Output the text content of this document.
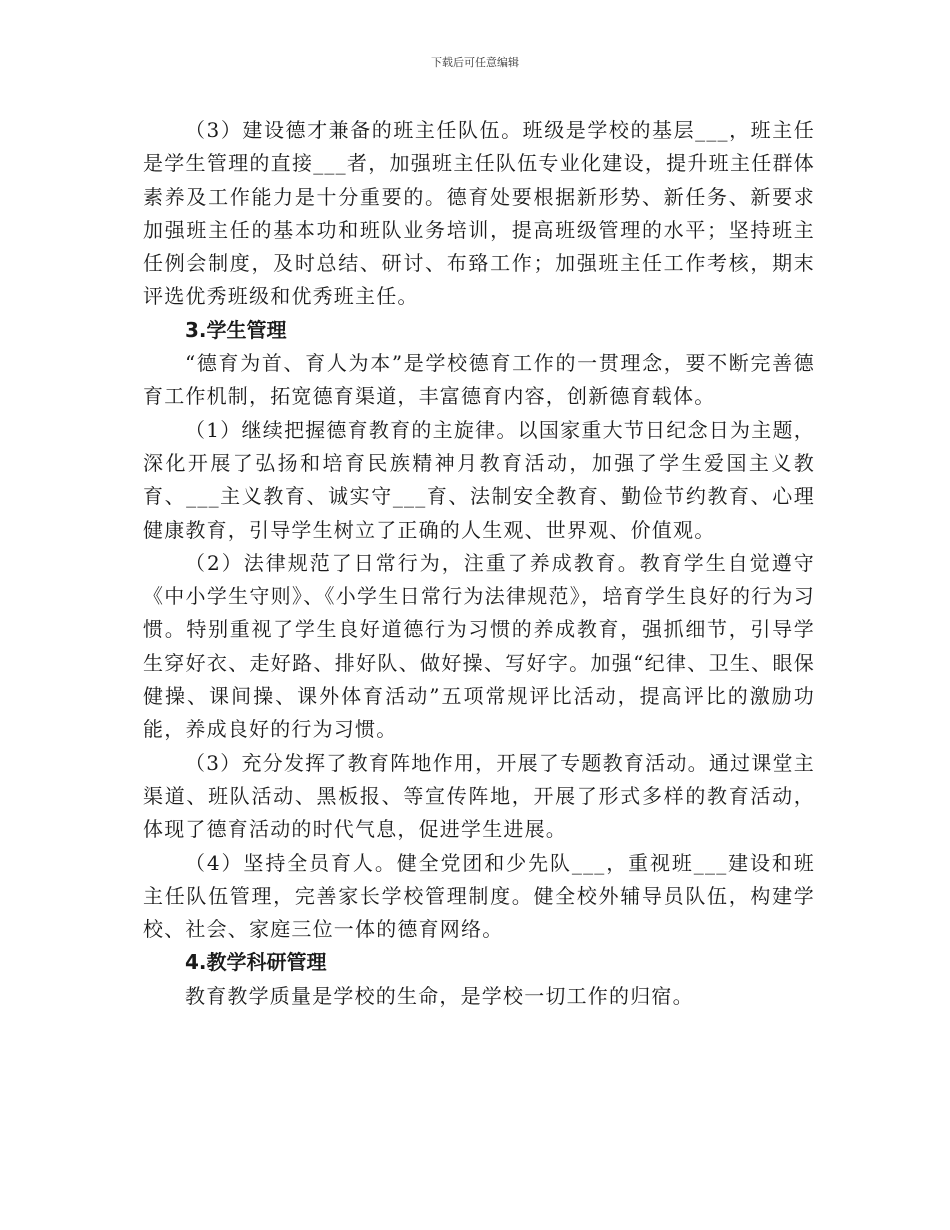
下载后可任意编辑

（3）建设德才兼备的班主任队伍。班级是学校的基层___，班主任是学生管理的直接___者，加强班主任队伍专业化建设，提升班主任群体素养及工作能力是十分重要的。德育处要根据新形势、新任务、新要求加强班主任的基本功和班队业务培训，提高班级管理的水平；坚持班主任例会制度，及时总结、研讨、布臵工作；加强班主任工作考核，期末评选优秀班级和优秀班主任。

3.学生管理

“德育为首、育人为本”是学校德育工作的一贯理念，要不断完善德育工作机制，拓宽德育渠道，丰富德育内容，创新德育载体。

（1）继续把握德育教育的主旋律。以国家重大节日纪念日为主题，深化开展了弘扬和培育民族精神月教育活动，加强了学生爱国主义教育、___主义教育、诚实守___育、法制安全教育、勤俭节约教育、心理健康教育，引导学生树立了正确的人生观、世界观、价值观。

（2）法律规范了日常行为，注重了养成教育。教育学生自觉遵守《中小学生守则》、《小学生日常行为法律规范》，培育学生良好的行为习惯。特别重视了学生良好道德行为习惯的养成教育，强抓细节，引导学生穿好衣、走好路、排好队、做好操、写好字。加强“纪律、卫生、眼保健操、课间操、课外体育活动”五项常规评比活动，提高评比的激励功能，养成良好的行为习惯。

（3）充分发挥了教育阵地作用，开展了专题教育活动。通过课堂主渠道、班队活动、黑板报、等宣传阵地，开展了形式多样的教育活动，体现了德育活动的时代气息，促进学生进展。

（4）坚持全员育人。健全党团和少先队___，重视班___建设和班主任队伍管理，完善家长学校管理制度。健全校外辅导员队伍，构建学校、社会、家庭三位一体的德育网络。

4.教学科研管理

教育教学质量是学校的生命，是学校一切工作的归宿。
